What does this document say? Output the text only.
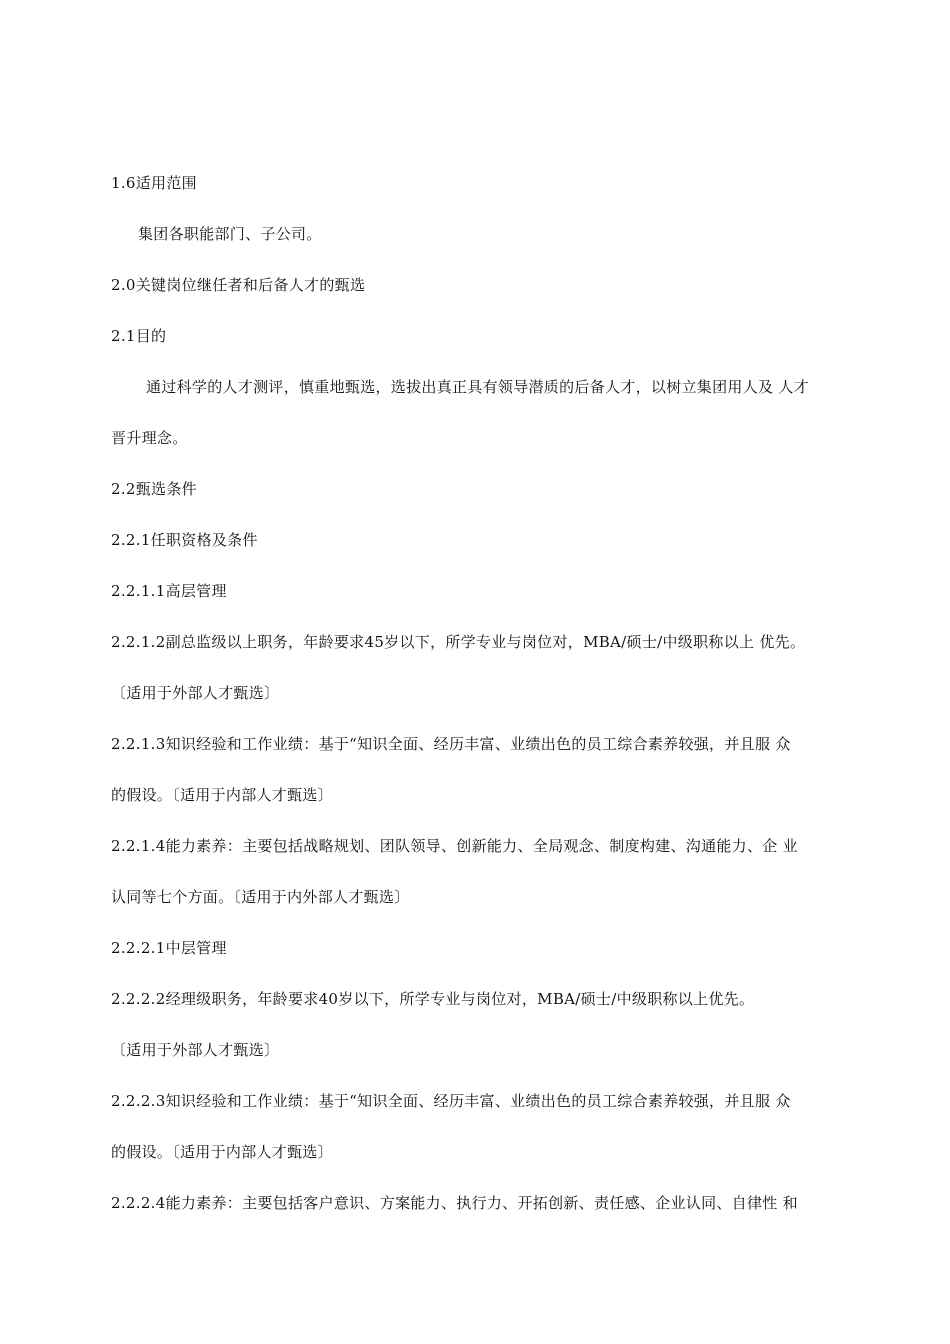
1.6适用范围
集团各职能部门、子公司。
2.0关键岗位继任者和后备人才的甄选
2.1目的
通过科学的人才测评，慎重地甄选，选拔出真正具有领导潜质的后备人才，以树立集团用人及 人才
晋升理念。
2.2甄选条件
2.2.1任职资格及条件
2.2.1.1高层管理
2.2.1.2副总监级以上职务，年龄要求45岁以下，所学专业与岗位对，MBA/硕士/中级职称以上 优先。
〔适用于外部人才甄选〕
2.2.1.3知识经验和工作业绩：基于“知识全面、经历丰富、业绩出色的员工综合素养较强，并且服 众
的假设。〔适用于内部人才甄选〕
2.2.1.4能力素养：主要包括战略规划、团队领导、创新能力、全局观念、制度构建、沟通能力、企 业
认同等七个方面。〔适用于内外部人才甄选〕
2.2.2.1中层管理
2.2.2.2经理级职务，年龄要求40岁以下，所学专业与岗位对，MBA/硕士/中级职称以上优先。
〔适用于外部人才甄选〕
2.2.2.3知识经验和工作业绩：基于“知识全面、经历丰富、业绩出色的员工综合素养较强，并且服 众
的假设。〔适用于内部人才甄选〕
2.2.2.4能力素养：主要包括客户意识、方案能力、执行力、开拓创新、责任感、企业认同、自律性 和
